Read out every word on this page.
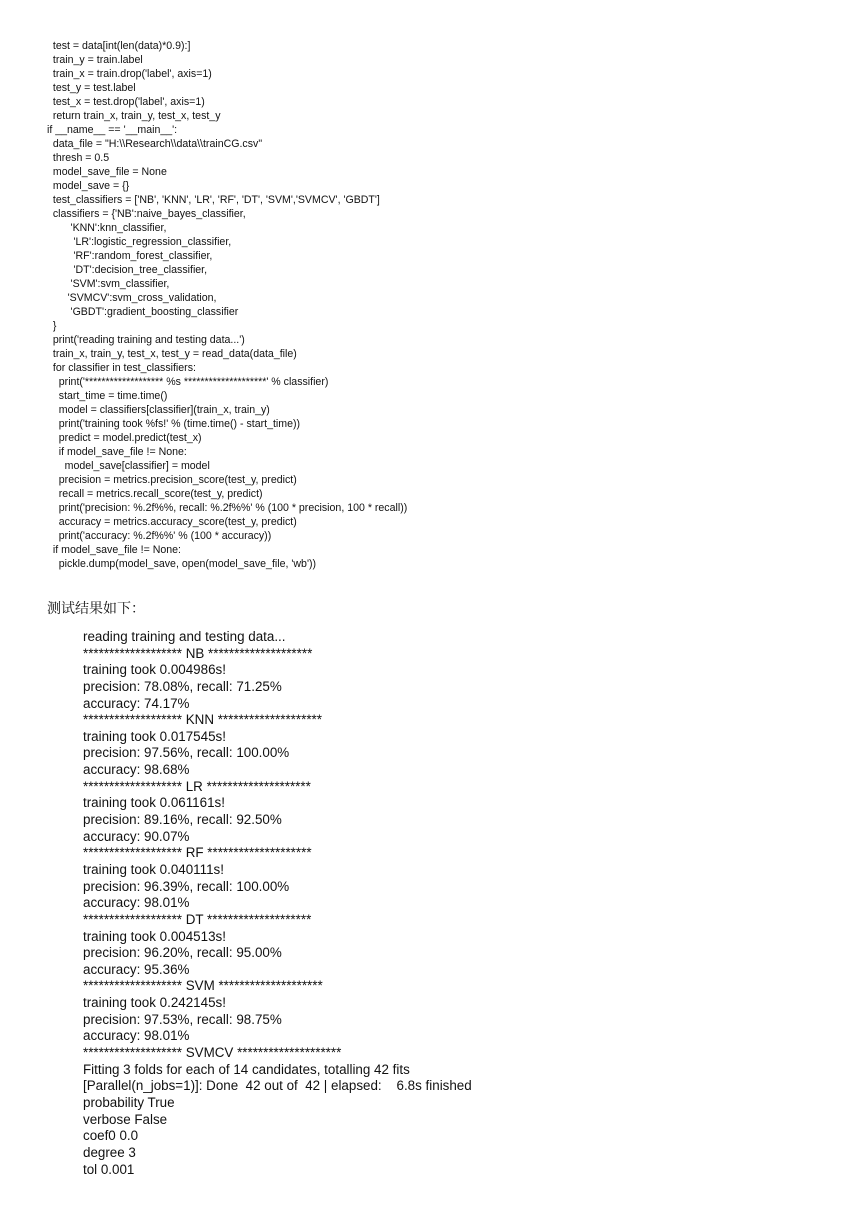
test = data[int(len(data)*0.9):]
train_y = train.label
train_x = train.drop('label', axis=1)
test_y = test.label
test_x = test.drop('label', axis=1)
return train_x, train_y, test_x, test_y
if __name__ == '__main__':
data_file = "H:\\Research\\data\\trainCG.csv"
thresh = 0.5
model_save_file = None
model_save = {}
test_classifiers = ['NB', 'KNN', 'LR', 'RF', 'DT', 'SVM','SVMCV', 'GBDT']
classifiers = {'NB':naive_bayes_classifier,
'KNN':knn_classifier,
'LR':logistic_regression_classifier,
'RF':random_forest_classifier,
'DT':decision_tree_classifier,
'SVM':svm_classifier,
'SVMCV':svm_cross_validation,
'GBDT':gradient_boosting_classifier
}
print('reading training and testing data...')
train_x, train_y, test_x, test_y = read_data(data_file)
for classifier in test_classifiers:
print('******************* %s ********************' % classifier)
start_time = time.time()
model = classifiers[classifier](train_x, train_y)
print('training took %fs!' % (time.time() - start_time))
predict = model.predict(test_x)
if model_save_file != None:
model_save[classifier] = model
precision = metrics.precision_score(test_y, predict)
recall = metrics.recall_score(test_y, predict)
print('precision: %.2f%%, recall: %.2f%%' % (100 * precision, 100 * recall))
accuracy = metrics.accuracy_score(test_y, predict)
print('accuracy: %.2f%%' % (100 * accuracy))
if model_save_file != None:
pickle.dump(model_save, open(model_save_file, 'wb'))
测试结果如下：
reading training and testing data...
******************* NB ********************
training took 0.004986s!
precision: 78.08%, recall: 71.25%
accuracy: 74.17%
******************* KNN ********************
training took 0.017545s!
precision: 97.56%, recall: 100.00%
accuracy: 98.68%
******************* LR ********************
training took 0.061161s!
precision: 89.16%, recall: 92.50%
accuracy: 90.07%
******************* RF ********************
training took 0.040111s!
precision: 96.39%, recall: 100.00%
accuracy: 98.01%
******************* DT ********************
training took 0.004513s!
precision: 96.20%, recall: 95.00%
accuracy: 95.36%
******************* SVM ********************
training took 0.242145s!
precision: 97.53%, recall: 98.75%
accuracy: 98.01%
******************* SVMCV ********************
Fitting 3 folds for each of 14 candidates, totalling 42 fits
[Parallel(n_jobs=1)]: Done  42 out of  42 | elapsed:    6.8s finished
probability True
verbose False
coef0 0.0
degree 3
tol 0.001
